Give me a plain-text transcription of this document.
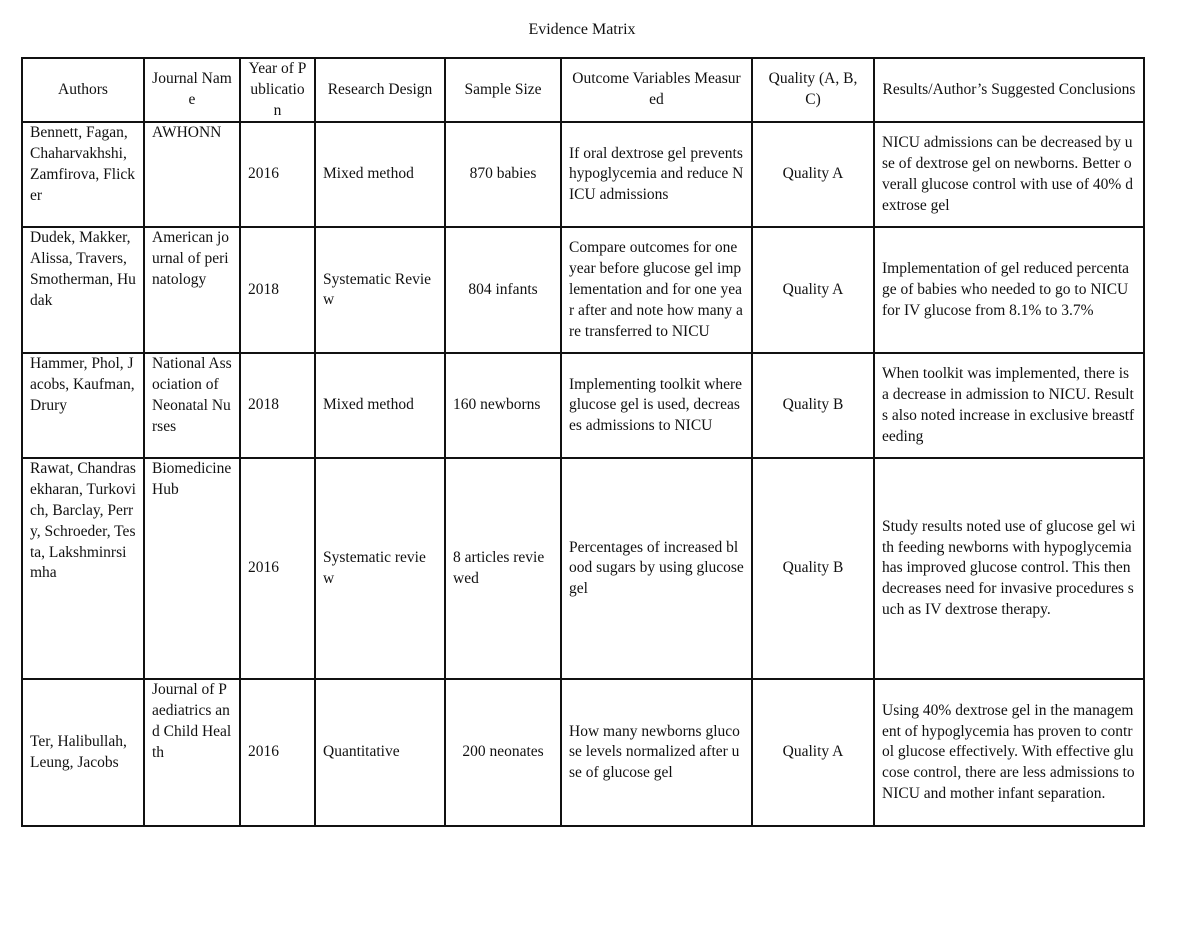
Evidence Matrix
Authors	Journal Name	Year of Publication	Research Design	Sample Size	Outcome Variables Measured	Quality (A, B, C)	Results/Author’s Suggested Conclusions
Bennett, Fagan, Chaharvakhshi, Zamfirova, Flicker	AWHONN	2016	Mixed method	870 babies	If oral dextrose gel prevents hypoglycemia and reduce NICU admissions	Quality A	NICU admissions can be decreased by use of dextrose gel on newborns. Better overall glucose control with use of 40% dextrose gel
Dudek, Makker, Alissa, Travers, Smotherman, Hudak	American journal of perinatology	2018	Systematic Review	804 infants	Compare outcomes for one year before glucose gel implementation and for one year after and note how many are transferred to NICU	Quality A	Implementation of gel reduced percentage of babies who needed to go to NICU for IV glucose from 8.1% to 3.7%
Hammer, Phol, Jacobs, Kaufman, Drury	National Association of Neonatal Nurses	2018	Mixed method	160 newborns	Implementing toolkit where glucose gel is used, decreases admissions to NICU	Quality B	When toolkit was implemented, there is a decrease in admission to NICU. Results also noted increase in exclusive breastfeeding
Rawat, Chandrasekharan, Turkovich, Barclay, Perry, Schroeder, Testa, Lakshminrsimha	Biomedicine Hub	2016	Systematic review	8 articles reviewed	Percentages of increased blood sugars by using glucose gel	Quality B	Study results noted use of glucose gel with feeding newborns with hypoglycemia has improved glucose control. This then decreases need for invasive procedures such as IV dextrose therapy.
Ter, Halibullah, Leung, Jacobs	Journal of Paediatrics and Child Health	2016	Quantitative	200 neonates	How many newborns glucose levels normalized after use of glucose gel	Quality A	Using 40% dextrose gel in the management of hypoglycemia has proven to control glucose effectively. With effective glucose control, there are less admissions to NICU and mother infant separation.
